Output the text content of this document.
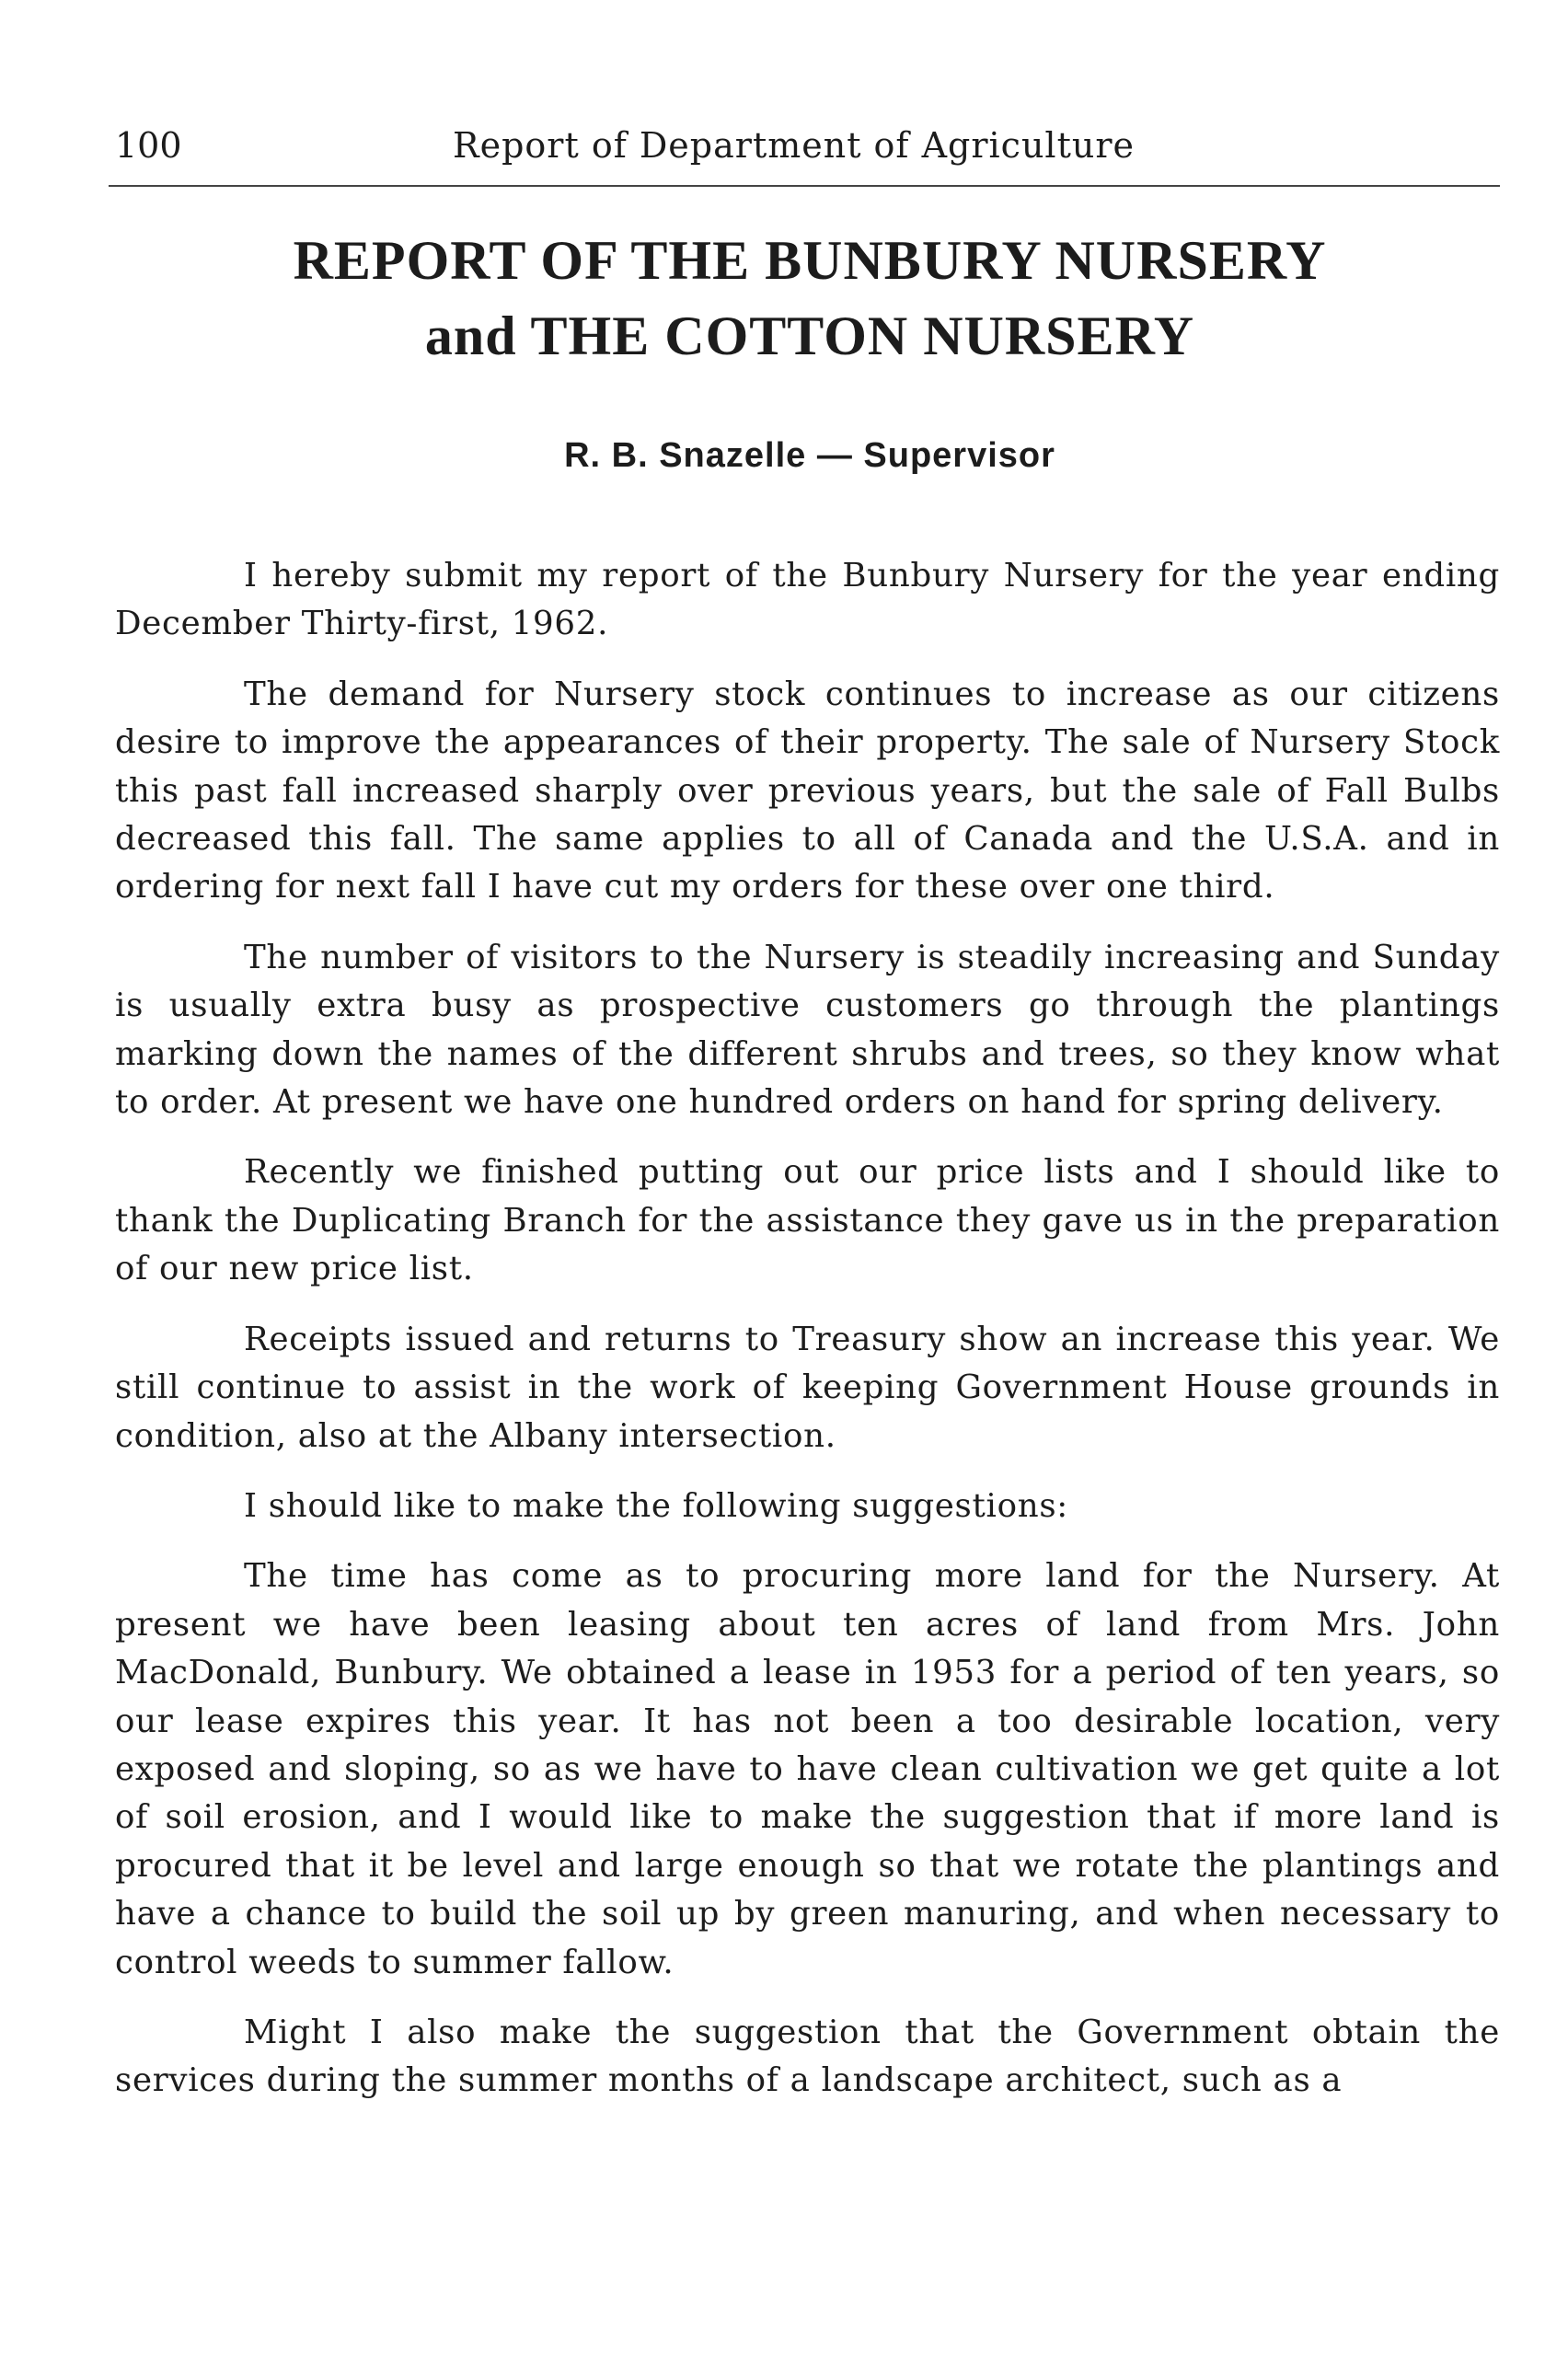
100	Report of Department of Agriculture
REPORT OF THE BUNBURY NURSERY
and THE COTTON NURSERY
R. B. Snazelle — Supervisor

I hereby submit my report of the Bunbury Nursery for the year ending December Thirty-first, 1962.

The demand for Nursery stock continues to increase as our citizens desire to improve the appearances of their property. The sale of Nursery Stock this past fall increased sharply over previous years, but the sale of Fall Bulbs decreased this fall. The same applies to all of Canada and the U.S.A. and in ordering for next fall I have cut my orders for these over one third.

The number of visitors to the Nursery is steadily increasing and Sunday is usually extra busy as prospective customers go through the plantings marking down the names of the different shrubs and trees, so they know what to order. At present we have one hundred orders on hand for spring delivery.

Recently we finished putting out our price lists and I should like to thank the Duplicating Branch for the assistance they gave us in the preparation of our new price list.

Receipts issued and returns to Treasury show an increase this year. We still continue to assist in the work of keeping Government House grounds in condition, also at the Albany intersection.

I should like to make the following suggestions:

The time has come as to procuring more land for the Nursery. At present we have been leasing about ten acres of land from Mrs. John MacDonald, Bunbury. We obtained a lease in 1953 for a period of ten years, so our lease expires this year. It has not been a too desirable location, very exposed and sloping, so as we have to have clean cultivation we get quite a lot of soil erosion, and I would like to make the suggestion that if more land is procured that it be level and large enough so that we rotate the plantings and have a chance to build the soil up by green manuring, and when necessary to control weeds to summer fallow.

Might I also make the suggestion that the Government obtain the services during the summer months of a landscape architect, such as a
